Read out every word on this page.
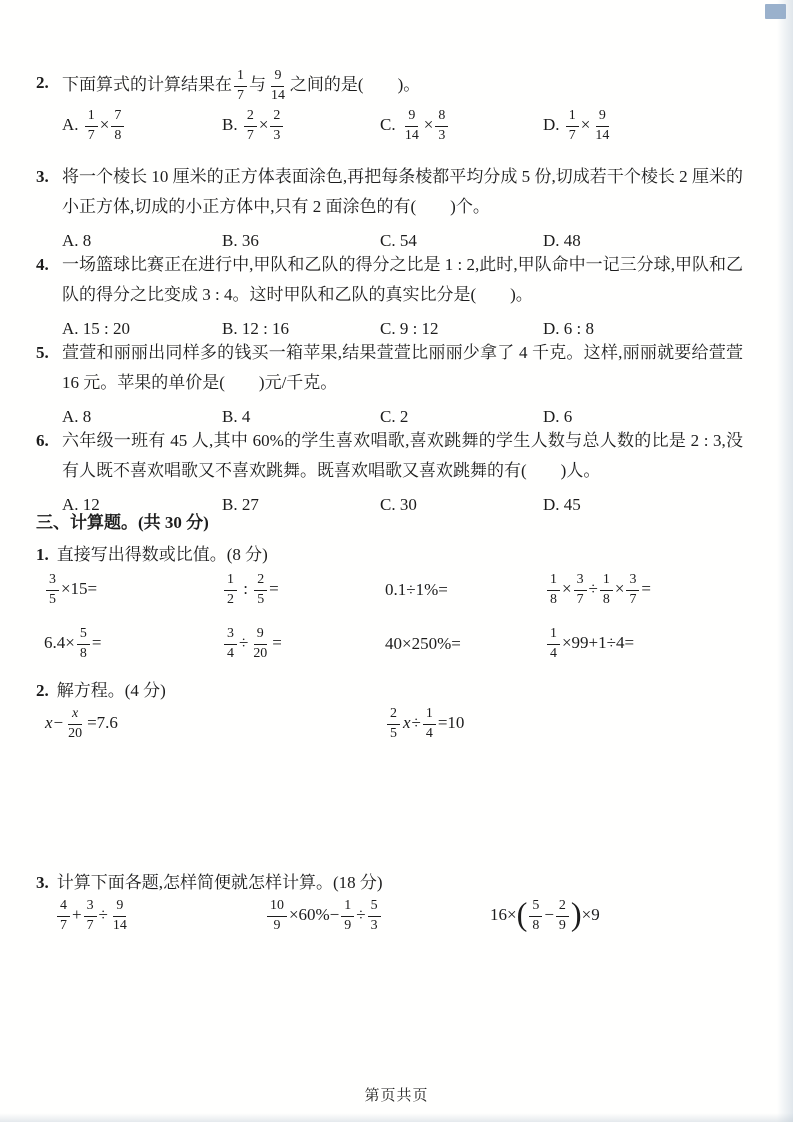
2. 下面算式的计算结果在 $\frac{1}{7}$ 与 $\frac{9}{14}$ 之间的是(　　)。
A. $\frac{1}{7} \times \frac{7}{8}$	B. $\frac{2}{7} \times \frac{2}{3}$	C. $\frac{9}{14} \times \frac{8}{3}$	D. $\frac{1}{7} \times \frac{9}{14}$
3. 将一个棱长 10 厘米的正方体表面涂色,再把每条棱都平均分成 5 份,切成若干个棱长 2 厘米的小正方体,切成的小正方体中,只有 2 面涂色的有(　　)个。
A. 8	B. 36	C. 54	D. 48
4. 一场篮球比赛正在进行中,甲队和乙队的得分之比是 1 : 2,此时,甲队命中一记三分球,甲队和乙队的得分之比变成 3 : 4。这时甲队和乙队的真实比分是(　　)。
A. 15 : 20	B. 12 : 16	C. 9 : 12	D. 6 : 8
5. 萱萱和丽丽出同样多的钱买一箱苹果,结果萱萱比丽丽少拿了 4 千克。这样,丽丽就要给萱萱 16 元。苹果的单价是(　　)元/千克。
A. 8	B. 4	C. 2	D. 6
6. 六年级一班有 45 人,其中 60%的学生喜欢唱歌,喜欢跳舞的学生人数与总人数的比是 2 : 3,没有人既不喜欢唱歌又不喜欢跳舞。既喜欢唱歌又喜欢跳舞的有(　　)人。
A. 12	B. 27	C. 30	D. 45
三、计算题。(共 30 分)
1. 直接写出得数或比值。(8 分)
$\frac{3}{5} \times 15=$	$\frac{1}{2}$ : $\frac{2}{5}$ =	0.1÷1%=	$\frac{1}{8} \times \frac{3}{7} \div \frac{1}{8} \times \frac{3}{7}$ =
$6.4\times \frac{5}{8}$ =	$\frac{3}{4} \div \frac{9}{20}$ =	40×250%=	$\frac{1}{4} \times 99+1\div 4=$
2. 解方程。(4 分)
$x- \frac{x}{20} =7.6$	$\frac{2}{5} x\div \frac{1}{4} =10$
3. 计算下面各题,怎样简便就怎样计算。(18 分)
$\frac{4}{7} + \frac{3}{7} \div \frac{9}{14}$	$\frac{10}{9} \times 60\%- \frac{1}{9} \div \frac{5}{3}$	$16\times( \frac{5}{8} - \frac{2}{9} )\times 9$
第页共页
